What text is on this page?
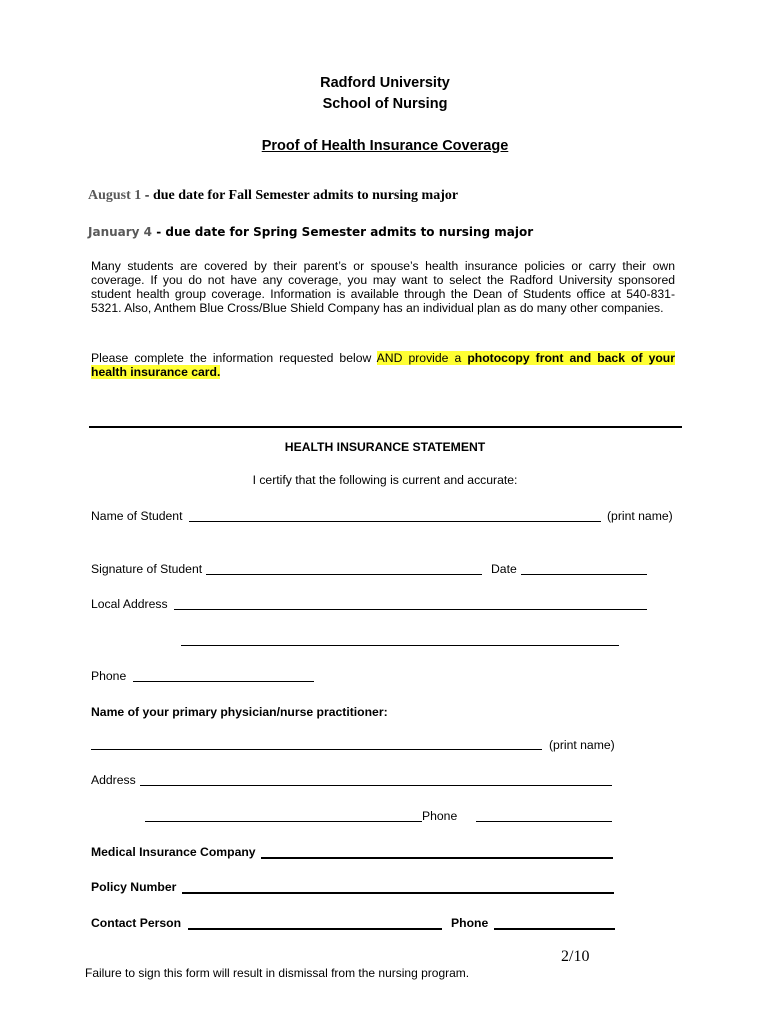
Radford University
School of Nursing
Proof of Health Insurance Coverage
August 1 - due date for Fall Semester admits to nursing major
January 4 - due date for Spring Semester admits to nursing major
Many students are covered by their parent’s or spouse’s health insurance policies or carry their own coverage. If you do not have any coverage, you may want to select the Radford University sponsored student health group coverage. Information is available through the Dean of Students office at 540-831-5321. Also, Anthem Blue Cross/Blue Shield Company has an individual plan as do many other companies.
Please complete the information requested below AND provide a photocopy front and back of your health insurance card.
HEALTH INSURANCE STATEMENT
I certify that the following is current and accurate:
Name of Student	(print name)
Signature of Student	Date
Local Address
Phone
Name of your primary physician/nurse practitioner:
(print name)
Address
Phone
Medical Insurance Company
Policy Number
Contact Person	Phone
2/10
Failure to sign this form will result in dismissal from the nursing program.
